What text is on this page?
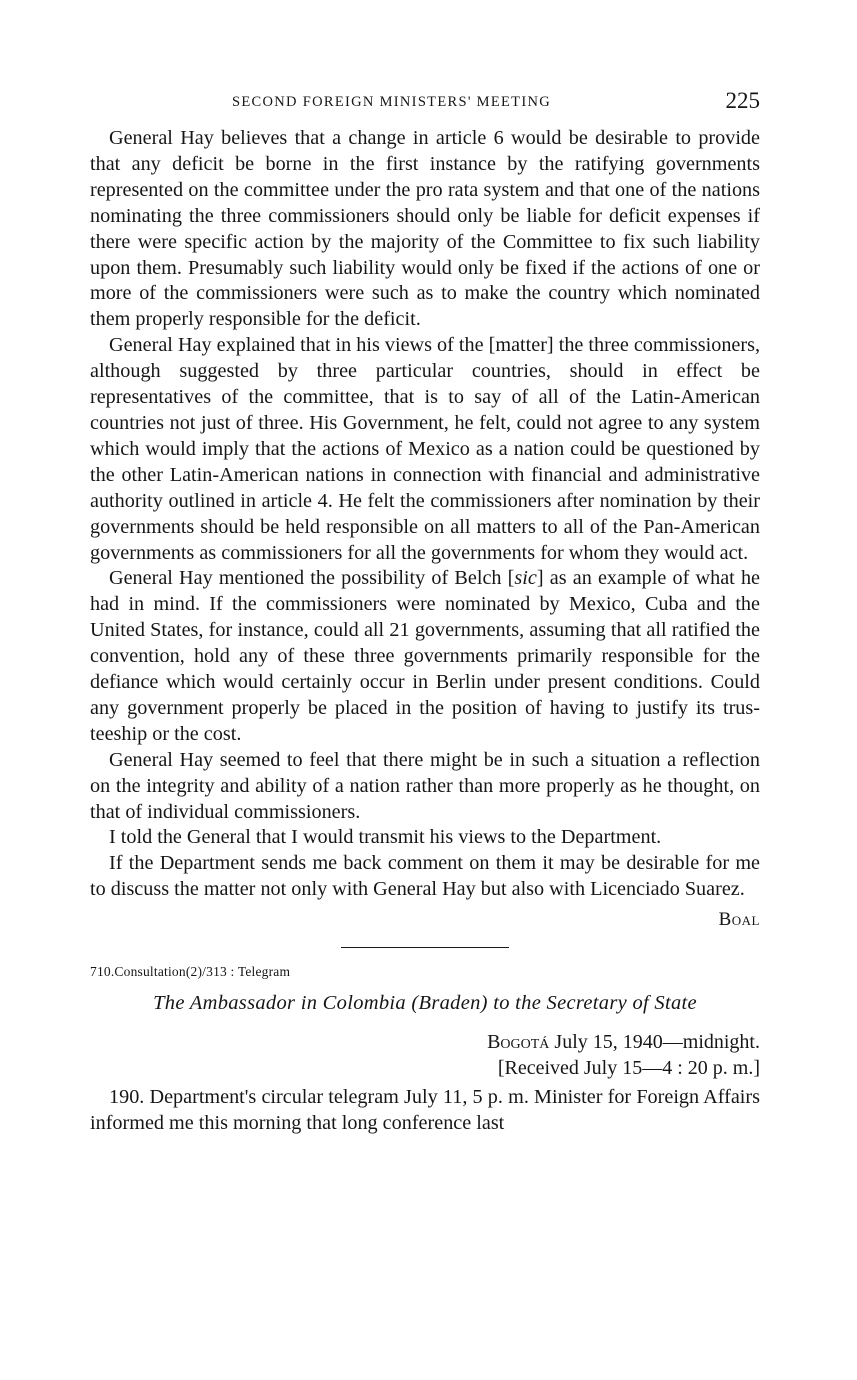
SECOND FOREIGN MINISTERS' MEETING	225

General Hay believes that a change in article 6 would be desirable to provide that any deficit be borne in the first instance by the ratifying governments represented on the committee under the pro rata system and that one of the nations nominating the three commissioners should only be liable for deficit expenses if there were specific action by the majority of the Committee to fix such liability upon them. Presumably such liability would only be fixed if the actions of one or more of the commissioners were such as to make the country which nominated them properly responsible for the deficit.

General Hay explained that in his views of the [matter] the three commissioners, although suggested by three particular countries, should in effect be representatives of the committee, that is to say of all of the Latin-American countries not just of three. His Government, he felt, could not agree to any system which would imply that the actions of Mexico as a nation could be questioned by the other Latin-American nations in connection with financial and administrative authority outlined in article 4. He felt the commissioners after nomination by their governments should be held responsible on all matters to all of the Pan-American governments as commissioners for all the governments for whom they would act.

General Hay mentioned the possibility of Belch [sic] as an example of what he had in mind. If the commissioners were nominated by Mexico, Cuba and the United States, for instance, could all 21 governments, assuming that all ratified the convention, hold any of these three governments primarily responsible for the defiance which would certainly occur in Berlin under present conditions. Could any government properly be placed in the position of having to justify its trusteeship or the cost.

General Hay seemed to feel that there might be in such a situation a reflection on the integrity and ability of a nation rather than more properly as he thought, on that of individual commissioners.

I told the General that I would transmit his views to the Department.

If the Department sends me back comment on them it may be desirable for me to discuss the matter not only with General Hay but also with Licenciado Suarez.

Boal
710.Consultation(2)/313 : Telegram
The Ambassador in Colombia (Braden) to the Secretary of State
Bogotá July 15, 1940—midnight.
[Received July 15—4 : 20 p. m.]

190. Department's circular telegram July 11, 5 p. m. Minister for Foreign Affairs informed me this morning that long conference last
